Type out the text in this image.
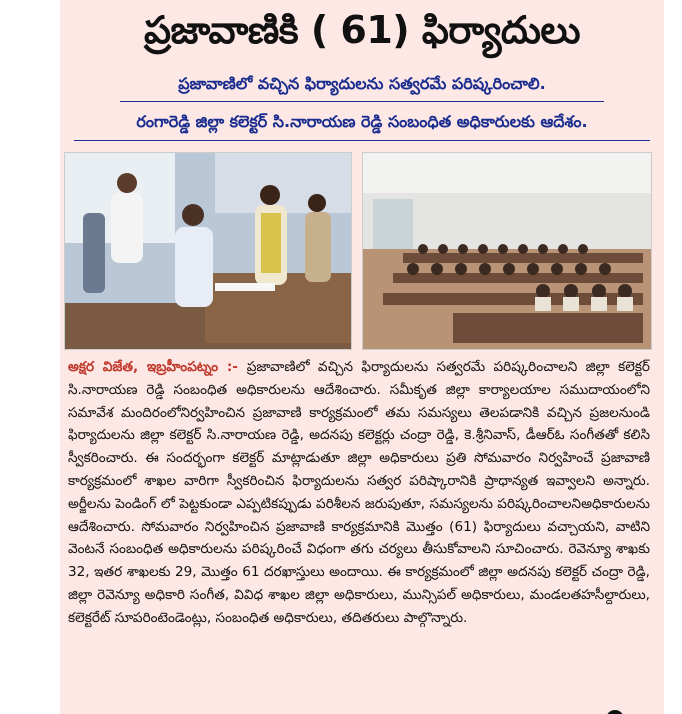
ప్రజావాణికి ( 61) ఫిర్యాదులు
ప్రజావాణిలో వచ్చిన ఫిర్యాదులను సత్వరమే పరిష్కరించాలి.
రంగారెడ్డి జిల్లా కలెక్టర్ సి.నారాయణ రెడ్డి సంబంధిత అధికారులకు ఆదేశం.
అక్షర విజేత, ఇబ్రహీంపట్నం :- ప్రజావాణిలో వచ్చిన ఫిర్యాదులను సత్వరమే పరిష్కరించాలని జిల్లా కలెక్టర్ సి.నారాయణ రెడ్డి సంబంధిత అధికారులను ఆదేశించారు. సమీకృత జిల్లా కార్యాలయాల సముదాయంలోని సమావేశ మందిరంలోనిర్వహించిన ప్రజావాణి కార్యక్రమంలో తమ సమస్యలు తెలపడానికి వచ్చిన ప్రజలనుండి ఫిర్యాదులను జిల్లా కలెక్టర్ సి.నారాయణ రెడ్డి, అదనపు కలెక్టర్లు చంద్రా రెడ్డి, కె.శ్రీనివాస్, డీఆర్ఓ సంగీతతో కలిసి స్వీకరించారు. ఈ సందర్భంగా కలెక్టర్ మాట్లాడుతూ జిల్లా అధికారులు ప్రతి సోమవారం నిర్వహించే ప్రజావాణి కార్యక్రమంలో శాఖల వారిగా స్వీకరించిన ఫిర్యాదులను సత్వర పరిష్కారానికి ప్రాధాన్యత ఇవ్వాలని అన్నారు. అర్జీలను పెండింగ్ లో పెట్టకుండా ఎప్పటికప్పుడు పరిశీలన జరుపుతూ, సమస్యలను పరిష్కరించాలనిఅధికారులను ఆదేశించారు. సోమవారం నిర్వహించిన ప్రజావాణి కార్యక్రమానికి మొత్తం (61) ఫిర్యాదులు వచ్చాయని, వాటిని వెంటనే సంబంధిత అధికారులను పరిష్కరించే విధంగా తగు చర్యలు తీసుకోవాలని సూచించారు. రెవెన్యూ శాఖకు 32, ఇతర శాఖలకు 29, మొత్తం 61 దరఖాస్తులు అందాయి. ఈ కార్యక్రమంలో జిల్లా అదనపు కలెక్టర్ చంద్రా రెడ్డి, జిల్లా రెవెన్యూ అధికారి సంగీత, వివిధ శాఖల జిల్లా అధికారులు, మున్సిపల్ అధికారులు, మండలతహసీల్దారులు, కలెక్టరేట్ సూపరింటెండెంట్లు, సంబంధిత అధికారులు, తదితరులు పాల్గొన్నారు.
